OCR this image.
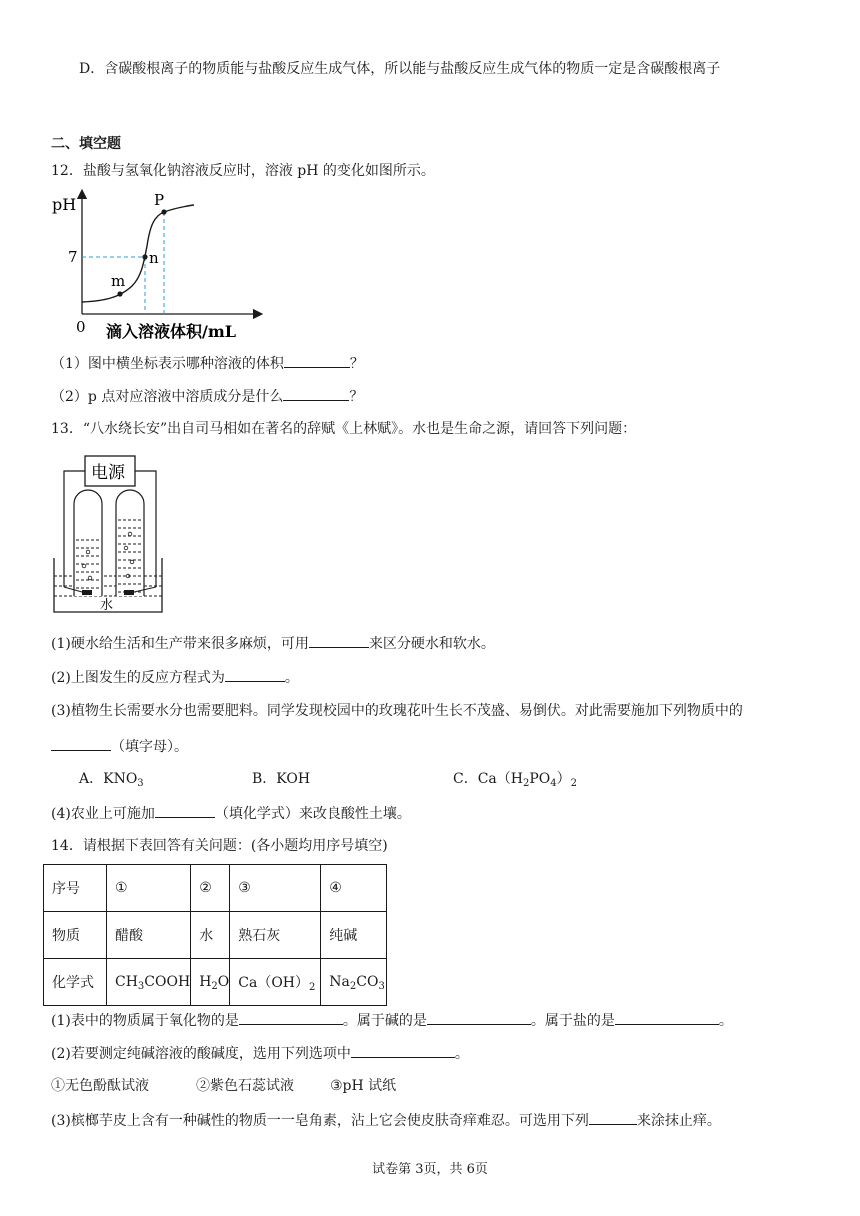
D．含碳酸根离子的物质能与盐酸反应生成气体，所以能与盐酸反应生成气体的物质一定是含碳酸根离子
二、填空题
12．盐酸与氢氧化钠溶液反应时，溶液 pH 的变化如图所示。
pH
0 滴入溶液体积/mL
7
m
n
P
（1）图中横坐标表示哪种溶液的体积	？
（2）p 点对应溶液中溶质成分是什么	？
13．“八水绕长安”出自司马相如在著名的辞赋《上林赋》。水也是生命之源，请回答下列问题：
电源
水
(1)硬水给生活和生产带来很多麻烦，可用	来区分硬水和软水。
(2)上图发生的反应方程式为	。
(3)植物生长需要水分也需要肥料。同学发现校园中的玫瑰花叶生长不茂盛、易倒伏。对此需要施加下列物质中的
（填字母）。
A．$KNO_3$	B．KOH	C．$Ca(H_2PO_4)_2$
(4)农业上可施加	（填化学式）来改良酸性土壤。
14．请根据下表回答有关问题：(各小题均用序号填空)
序号	①	②	③	④
物质	醋酸	水	熟石灰	纯碱
化学式	$CH_3COOH$	$H_2O$	$Ca(OH)_2$	$Na_2CO_3$
(1)表中的物质属于氧化物的是	。属于碱的是	。属于盐的是	。
(2)若要测定纯碱溶液的酸碱度，选用下列选项中	。
①无色酚酞试液	②紫色石蕊试液	③pH 试纸
(3)槟榔芋皮上含有一种碱性的物质一一皂角素，沾上它会使皮肤奇痒难忍。可选用下列	来涂抹止痒。
试卷第 3页，共 6页
